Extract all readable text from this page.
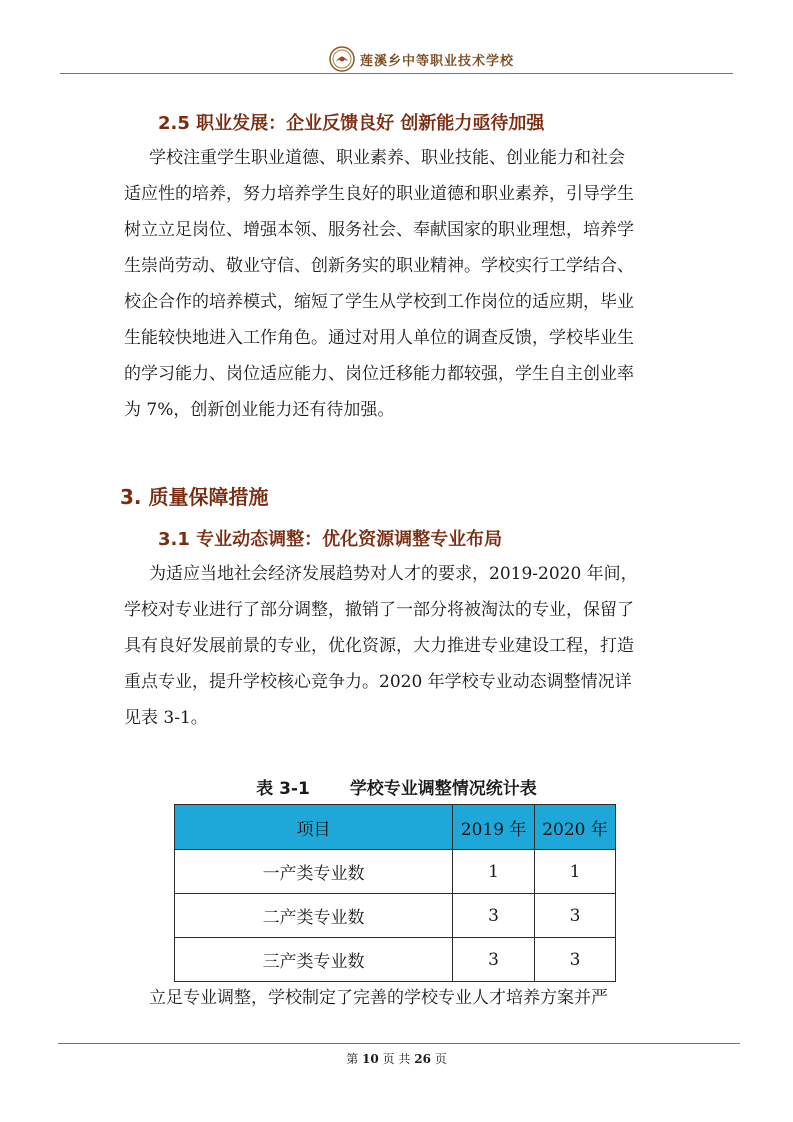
莲溪乡中等职业技术学校
2.5 职业发展：企业反馈良好 创新能力亟待加强
学校注重学生职业道德、职业素养、职业技能、创业能力和社会
适应性的培养，努力培养学生良好的职业道德和职业素养，引导学生
树立立足岗位、增强本领、服务社会、奉献国家的职业理想，培养学
生崇尚劳动、敬业守信、创新务实的职业精神。学校实行工学结合、
校企合作的培养模式，缩短了学生从学校到工作岗位的适应期，毕业
生能较快地进入工作角色。通过对用人单位的调查反馈，学校毕业生
的学习能力、岗位适应能力、岗位迁移能力都较强，学生自主创业率
为 7%，创新创业能力还有待加强。
3. 质量保障措施
3.1 专业动态调整：优化资源调整专业布局
为适应当地社会经济发展趋势对人才的要求，2019-2020 年间，
学校对专业进行了部分调整，撤销了一部分将被淘汰的专业，保留了
具有良好发展前景的专业，优化资源，大力推进专业建设工程，打造
重点专业，提升学校核心竞争力。2020 年学校专业动态调整情况详
见表 3-1。
表 3-1 学校专业调整情况统计表
项目	2019 年	2020 年
一产类专业数	1	1
二产类专业数	3	3
三产类专业数	3	3
立足专业调整，学校制定了完善的学校专业人才培养方案并严
第 10 页 共 26 页
